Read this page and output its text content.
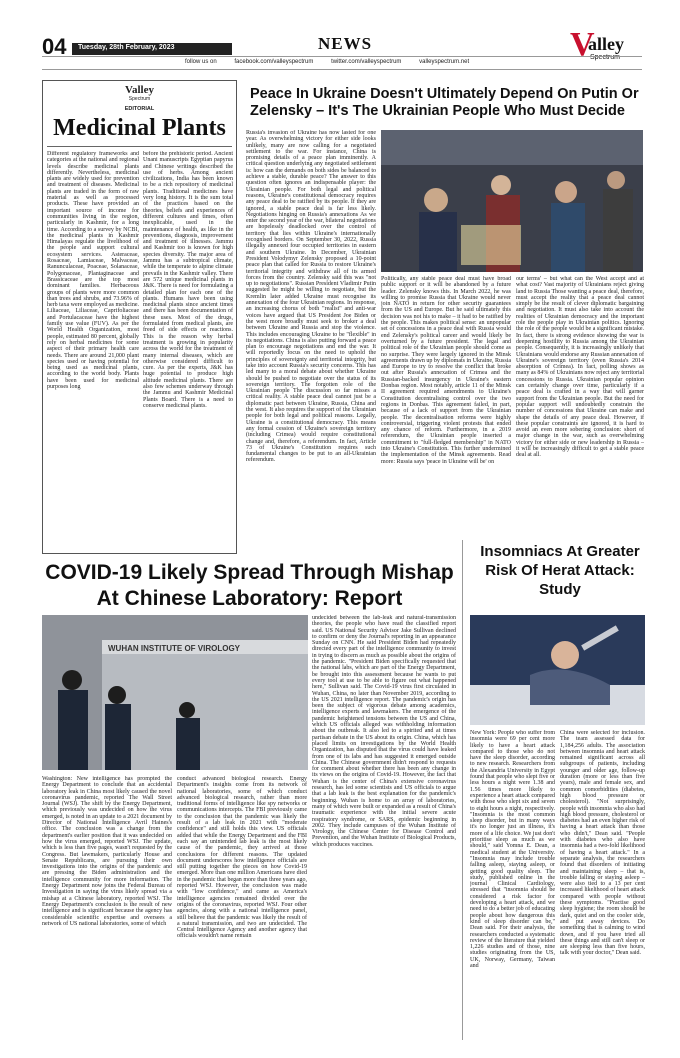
04	Tuesday, 28th February, 2023	NEWS
follow us on	facebook.com/valleyspectrum	twitter.com/valleyspectrum	valleyspectrum.net	V
alley
Spectrum
Valley
Spectrum
EDITORIAL
Medicinal Plants
Different regulatory frameworks and categories at the national and regional levels describe medicinal plants differently. Nevertheless, medicinal plants are widely used for prevention and treatment of diseases. Medicinal plants are traded in the form of raw material as well as processed products. These have provided an important source of income for communities living in the region, particularly in Kashmir, for a long time. According to a survey by NCBI, the medicinal plants in Kashmir Himalayas regulate the livelihood of the people and support cultural ecosystem services. Asteraceae, Rosaceae, Lamiaceae, Malvaceae, Ranunculaceae, Poaceae, Solanaceae, Polygonaceae, Plantaginaceae and Brassicaceae are the top most dominant families. Herbaceous groups of plants were more common than trees and shrubs, and 73.96% of herb taxa were employed as medicine. Liliaceae, Liliaceae, Caprifoliaceae and Portulacaceae have the highest family use value (FUV). As per the World Health Organization, most people, estimated 80 percent, globally rely on herbal medicines for some aspect of their primary health care needs. There are around 21,000 plant species used or having potential for being used as medicinal plants, according to the world body. Plants have been used for medicinal purposes long
before the prehistoric period. Ancient Unani manuscripts Egyptian papyrus and Chinese writings described the use of herbs. Among ancient civilizations, India has been known to be a rich repository of medicinal plants. Traditional medicines have very long history. It is the sum total of the practices based on the theories, beliefs and experiences of different cultures and times, often inexplicable, used in the maintenance of health, as like in the preventions, diagnosis, improvement and treatment of illnesses. Jammu and Kashmir too is known for high species diversity. The major area of Jammu has a subtropical climate, while the temperate to alpine climate prevails in the Kashmir valley. There are 572 unique medicinal plants in J&K. There is need for formulating a detailed plan for each one of the plants. Humans have been using medicinal plants since ancient times and there has been documentation of these uses. Most of the drugs, formulated from medical plants, are freed of side effects or reactions. This is the reason why herbal treatment is growing in popularity across the world for the treatment of many internal diseases, which are otherwise considered difficult to cure. As per the experts, J&K has huge potential to produce high altitude medicinal plants. There are also few schemes underway through the Jammu and Kashmir Medicinal Plants Board. There is a need to conserve medicinal plants.
Peace In Ukraine Doesn't Ultimately Depend On Putin Or Zelensky – It's The Ukrainian People Who Must Decide
Russia's invasion of Ukraine has now lasted for one year. As overwhelming victory for either side looks unlikely, many are now calling for a negotiated settlement to the war. For instance, China is promising details of a peace plan imminently. A critical question underlying any negotiated settlement is: how can the demands on both sides be balanced to achieve a stable, durable peace? The answer to this question often ignores an indispensable player: the Ukrainian people. For both legal and political reasons, Ukraine's constitutional democracy requires any peace deal to be ratified by its people. If they are ignored, a stable peace deal is far less likely. Negotiations hinging on Russia's annexations As we enter the second year of the war, bilateral negotiations are hopelessly deadlocked over the control of territory that lies within Ukraine's internationally recognised borders. On September 30, 2022, Russia illegally annexed four occupied territories in eastern and southern Ukraine. In December, Ukrainian President Volodymyr Zelensky proposed a 10-point peace plan that called for Russia to restore Ukraine's territorial integrity and withdraw all of its armed forces from the country. Zelensky said this was "not up to negotiations". Russian President Vladimir Putin suggested he might be willing to negotiate, but the Kremlin later added Ukraine must recognise its annexation of the four Ukrainian regions. In response, an increasing chorus of both "realist" and anti-war voices have argued that US President Joe Biden or the west more broadly must seek to broker a deal between Ukraine and Russia and stop the violence. This includes encouraging Ukraine to be "flexible" in its negotiations. China is also putting forward a peace plan to encourage negotiations and end the war. It will reportedly focus on the need to uphold the principles of sovereignty and territorial integrity, but take into account Russia's security concerns. This has led many to a moral debate about whether Ukraine should be pushed to negotiate over the status of its sovereign territory. The forgotten role of the Ukrainian people The discussion so far misses a critical reality. A stable peace deal cannot just be a diplomatic pact between Ukraine, Russia, China and the west. It also requires the support of the Ukrainian people for both legal and political reasons. Legally, Ukraine is a constitutional democracy. This means any formal cession of Ukraine's sovereign territory (including Crimea) would require constitutional change and, therefore, a referendum. In fact, Article 73 of Ukraine's Constitution requires such fundamental changes to be put to an all-Ukrainian referendum.
Politically, any stable peace deal must have broad public support or it will be abandoned by a future leader. Zelensky knows this. In March 2022, he was willing to promise Russia that Ukraine would never join NATO in return for other security guarantees from the US and Europe. But he said ultimately this decision was not his to make – it had to be ratified by the people. This makes political sense: an unpopular set of concessions in a peace deal with Russia would end Zelensky's political career and would likely be overturned by a future president. The legal and political role of the Ukrainian people should come as no surprise. They were largely ignored in the Minsk agreements drawn up by diplomats in Ukraine, Russia and Europe to try to resolve the conflict that broke out after Russia's annexation of Crimea and the Russian-backed insurgency in Ukraine's eastern Donbas region. Most notably, article 11 of the Minsk II agreement required amendments to Ukraine's Constitution decentralising control over the two regions in Donbas. This agreement failed, in part, because of a lack of support from the Ukrainian people. The decentralisation reforms were highly controversial, triggering violent protests that ended any chance of reform. Furthermore, in a 2019 referendum, the Ukrainian people inserted a commitment to "full-fledged membership" in NATO into Ukraine's Constitution. This further undermined the implementation of the Minsk agreements. Read more: Russia says 'peace in Ukraine will be' on
our terms' – but what can the West accept and at what cost? Vast majority of Ukrainians reject giving land to Russia Those wanting a peace deal, therefore, must accept the reality that a peace deal cannot simply be the result of clever diplomatic bargaining and negotiation. It must also take into account the realities of Ukrainian democracy and the important role the people play in Ukrainian politics. Ignoring the role of the people would be a significant mistake. In fact, there is strong evidence showing the war is deepening hostility to Russia among the Ukrainian people. Consequently, it is increasingly unlikely that Ukrainians would endorse any Russian annexation of Ukraine's sovereign territory (even Russia's 2014 absorption of Crimea). In fact, polling shows as many as 84% of Ukrainians now reject any territorial concessions to Russia. Ukrainian popular opinion can certainly change over time, particularly if a peace deal is crafted in a way that will garner support from the Ukrainian people. But the need for popular support will undoubtedly constrain the number of concessions that Ukraine can make and shape the details of any peace deal. However, if these popular constraints are ignored, it is hard to avoid an even more sobering conclusion: short of major change in the war, such as overwhelming victory for either side or new leadership in Russia – it will be increasingly difficult to get a stable peace deal at all.
COVID-19 Likely Spread Through Mishap At Chinese Laboratory: Report
WUHAN INSTITUTE OF VIROLOGY
undecided between the lab-leak and natural-transmission theories, the people who have read the classified report said. US National Security Advisor Jake Sullivan declined to confirm or deny the Journal's reporting in an appearance Sunday on CNN. He said President Biden had repeatedly directed every part of the intelligence community to invest in trying to discern as much as possible about the origins of the pandemic. "President Biden specifically requested that the national labs, which are part of the Energy Department, be brought into this assessment because he wants to put every tool at use to be able to figure out what happened here," Sullivan said. The Covid-19 virus first circulated in Wuhan, China, no later than November 2019, according to the US 2021 intelligence report. The pandemic's origin has been the subject of vigorous debate among academics, intelligence experts and lawmakers. The emergence of the pandemic heightened tensions between the US and China, which US officials alleged was withholding information about the outbreak. It also led to a spirited and at times partisan debate in the US about its origin. China, which has placed limits on investigations by the World Health Organization, has disputed that the virus could have leaked from one of its labs and has suggested it emerged outside China. The Chinese government didn't respond to requests for comment about whether there has been any change in its views on the origins of Covid-19. However, the fact that Wuhan is the center of China's extensive coronavirus research, has led some scientists and US officials to argue that a lab leak is the best explanation for the pandemic's beginning. Wuhan is home to an array of laboratories, many of which were built or expanded as a result of China's traumatic experience with the initial severe acute respiratory syndrome, or SARS, epidemic beginning in 2002. They include campuses of the Wuhan Institute of Virology, the Chinese Center for Disease Control and Prevention, and the Wuhan Institute of Biological Products, which produces vaccines.
Washington: New intelligence has prompted the Energy Department to conclude that an accidental laboratory leak in China most likely caused the novel coronavirus pandemic, reported The Wall Street Journal (WSJ). The shift by the Energy Department, which previously was undecided on how the virus emerged, is noted in an update to a 2021 document by Director of National Intelligence Avril Haines's office. The conclusion was a change from the department's earlier position that it was undecided on how the virus emerged, reported WSJ. The update, which is less than five pages, wasn't requested by the Congress. But lawmakers, particularly House and Senate Republicans, are pursuing their own investigations into the origins of the pandemic and are pressing the Biden administration and the intelligence community for more information. The Energy Department now joins the Federal Bureau of Investigation in saying the virus likely spread via a mishap at a Chinese laboratory, reported WSJ. The Energy Department's conclusion is the result of new intelligence and is significant because the agency has considerable scientific expertise and oversees a network of US national laboratories, some of which
conduct advanced biological research. Energy Department's insights come from its network of national laboratories, some of which conduct advanced biological research, rather than more traditional forms of intelligence like spy networks or communications intercepts. The FBI previously came to the conclusion that the pandemic was likely the result of a lab leak in 2021 with "moderate confidence" and still holds this view. US officials added that while the Energy Department and the FBI each say an unintended lab leak is the most likely cause of the pandemic, they arrived at those conclusions for different reasons. The updated document underscores how intelligence officials are still putting together the pieces on how Covid-19 emerged. More than one million Americans have died in the pandemic that began more than three years ago, reported WSJ. However, the conclusion was made with "low confidence," and came as America's intelligence agencies remained divided over the origins of the coronavirus, reported WSJ. Four other agencies, along with a national intelligence panel, still believe that the pandemic was likely the result of a natural transmission, and two are undecided. The Central Intelligence Agency and another agency that officials wouldn't name remain
Insomniacs At Greater Risk Of Herat Attack: Study
New York: People who suffer from insomnia were 69 per cent more likely to have a heart attack compared to those who do not have the sleep disorder, according to new research. Researchers from the Alexandria University in Egypt found that people who slept five or less hours a night were 1.38 and 1.56 times more likely to experience a heart attack compared with those who slept six and seven to eight hours a night, respectively. "Insomnia is the most common sleep disorder, but in many ways it's no longer just an illness, it's more of a life choice. We just don't prioritise sleep as much as we should," said Yomna E. Dean, a medical student at the University. "Insomnia may include trouble falling asleep, staying asleep, or getting good quality sleep. The study, published online in the journal Clinical Cardiology, stressed that "insomnia should be considered a risk factor for developing a heart attack, and we need to do a better job of educating people about how dangerous this kind of sleep disorder can be," Dean said. For their analysis, the researchers conducted a systematic review of the literature that yielded 1,226 studies and of those, nine studies originating from the US, UK, Norway, Germany, Taiwan and
China were selected for inclusion. The team assessed data for 1,184,256 adults. The association between insomnia and heart attack remained significant across all subgroups of patients, including younger and older age, follow-up duration (more or less than five years), male and female sex, and common comorbidities (diabetes, high blood pressure or cholesterol). "Not surprisingly, people with insomnia who also had high blood pressure, cholesterol or diabetes had an even higher risk of having a heart attack than those who didn't," Dean said. "People with diabetes who also have insomnia had a two-fold likelihood of having a heart attack." In a separate analysis, the researchers found that disorders of initiating and maintaining sleep – that is, trouble falling or staying asleep – were also tied to a 13 per cent increased likelihood of heart attack compared with people without these symptoms. "Practise good sleep hygiene; the room should be dark, quiet and on the cooler side, and put away devices. Do something that is calming to wind down, and if you have tried all these things and still can't sleep or are sleeping less than five hours, talk with your doctor," Dean said.
